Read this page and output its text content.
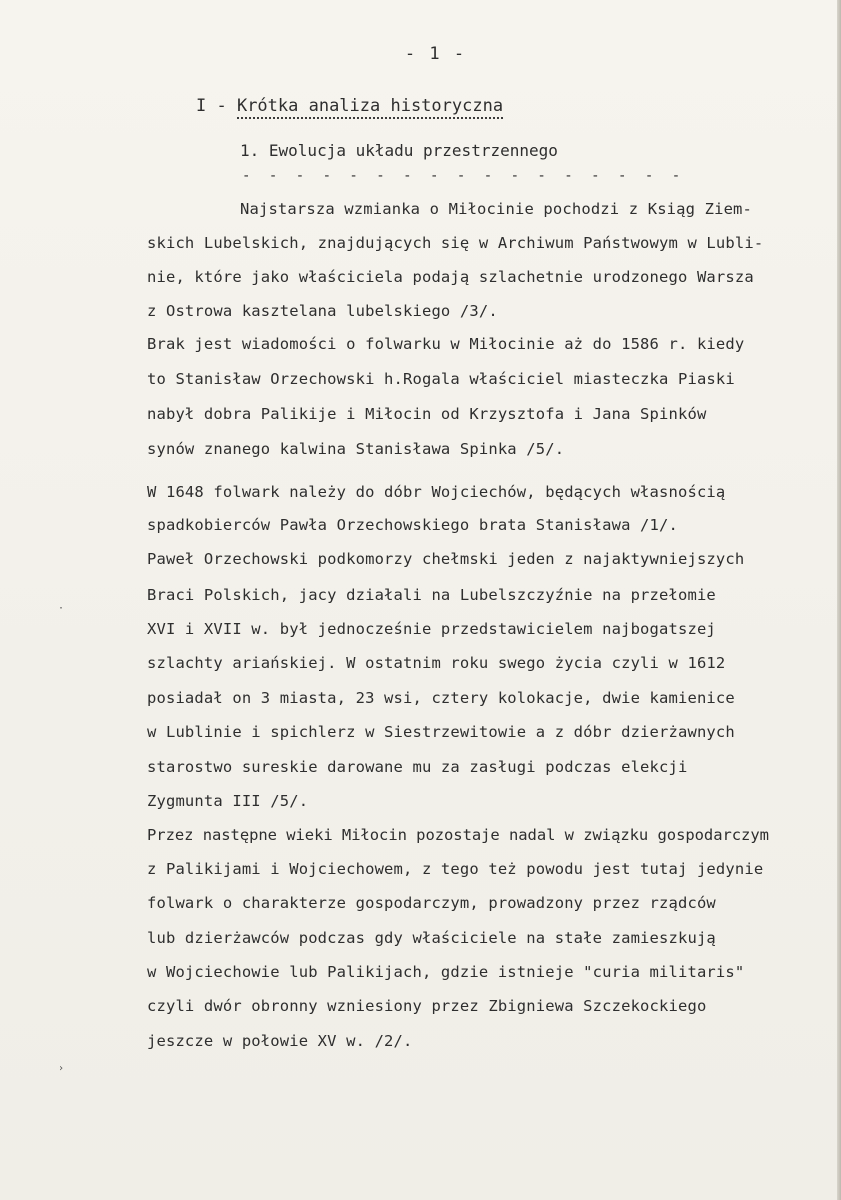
- 1 -
I - Krótka analiza historyczna
1. Ewolucja układu przestrzennego
- - - - - - - - - - - - - - - - -
Najstarsza wzmianka o Miłocinie pochodzi z Ksiąg Ziem-
skich Lubelskich, znajdujących się w Archiwum Państwowym w Lubli-
nie, które jako właściciela podają szlachetnie urodzonego Warsza
z Ostrowa kasztelana lubelskiego /3/.
Brak jest wiadomości o folwarku w Miłocinie aż do 1586 r. kiedy
to Stanisław Orzechowski h.Rogala właściciel miasteczka Piaski
nabył dobra Palikije i Miłocin od Krzysztofa i Jana Spinków
synów znanego kalwina Stanisława Spinka /5/.
W 1648 folwark należy do dóbr Wojciechów, będących własnością
spadkobierców Pawła Orzechowskiego brata Stanisława /1/.
Paweł Orzechowski podkomorzy chełmski jeden z najaktywniejszych
Braci Polskich, jacy działali na Lubelszczyźnie na przełomie
XVI i XVII w. był jednocześnie przedstawicielem najbogatszej
szlachty ariańskiej. W ostatnim roku swego życia czyli w 1612
posiadał on 3 miasta, 23 wsi, cztery kolokacje, dwie kamienice
w Lublinie i spichlerz w Siestrzewitowie a z dóbr dzierżawnych
starostwo sureskie darowane mu za zasługi podczas elekcji
Zygmunta III /5/.
Przez następne wieki Miłocin pozostaje nadal w związku gospodarczym
z Palikijami i Wojciechowem, z tego też powodu jest tutaj jedynie
folwark o charakterze gospodarczym, prowadzony przez rządców
lub dzierżawców podczas gdy właściciele na stałe zamieszkują
w Wojciechowie lub Palikijach, gdzie istnieje "curia militaris"
czyli dwór obronny wzniesiony przez Zbigniewa Szczekockiego
jeszcze w połowie XV w. /2/.
·
›
